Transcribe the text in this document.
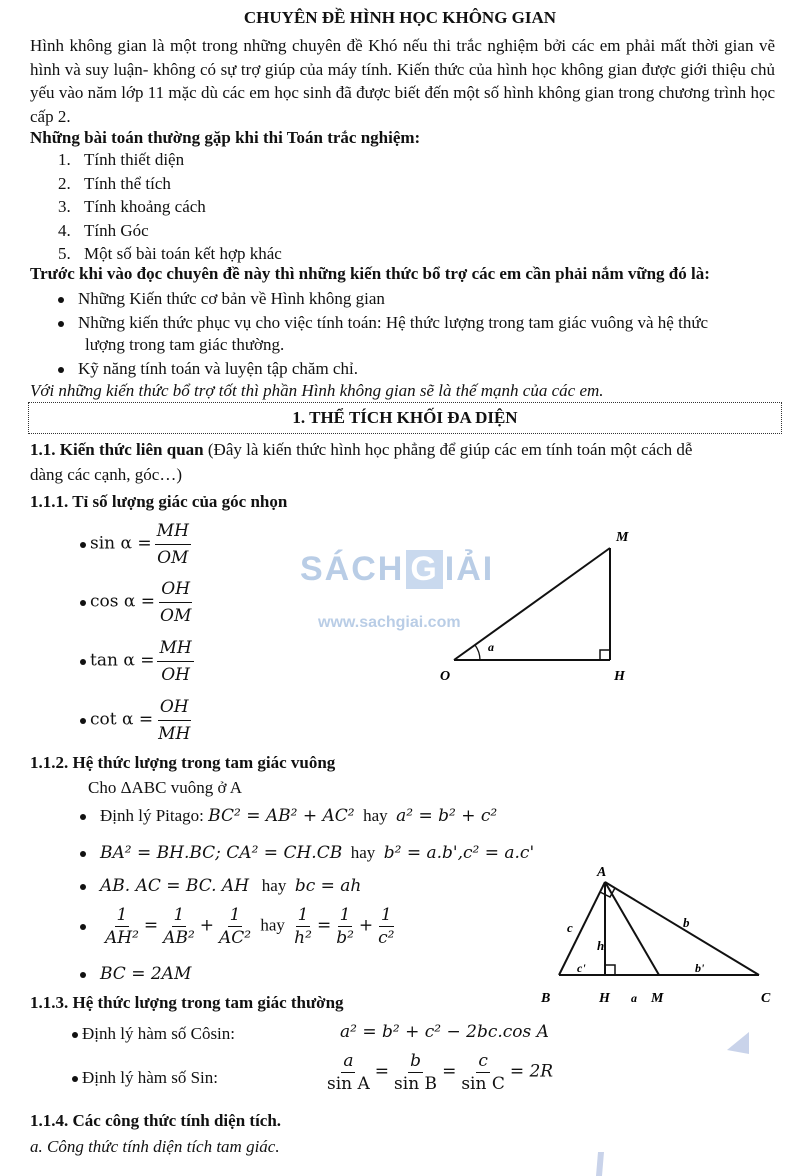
CHUYÊN ĐỀ HÌNH HỌC KHÔNG GIAN
Hình không gian là một trong những chuyên đề Khó nếu thi trắc nghiệm bởi các em phải mất thời gian vẽ hình và suy luận- không có sự trợ giúp của máy tính. Kiến thức của hình học không gian được giới thiệu chủ yếu vào năm lớp 11 mặc dù các em học sinh đã được biết đến một số hình không gian trong chương trình học cấp 2.
Những bài toán thường gặp khi thi Toán trắc nghiệm:
1. Tính thiết diện
2. Tính thể tích
3. Tính khoảng cách
4. Tính Góc
5. Một số bài toán kết hợp khác
Trước khi vào đọc chuyên đề này thì những kiến thức bổ trợ các em cần phải nắm vững đó là:
Những Kiến thức cơ bản về Hình không gian
Những kiến thức phục vụ cho việc tính toán: Hệ thức lượng trong tam giác vuông và hệ thức
lượng trong tam giác thường.
Kỹ năng tính toán và luyện tập chăm chỉ.
Với những kiến thức bổ trợ tốt thì phần Hình không gian sẽ là thế mạnh của các em.
1. THỂ TÍCH KHỐI ĐA DIỆN
1.1. Kiến thức liên quan (Đây là kiến thức hình học phẳng để giúp các em tính toán một cách dễ
dàng các cạnh, góc…)
1.1.1. Tỉ số lượng giác của góc nhọn
$\sin \alpha = \frac{MH}{OM}$
$\cos \alpha = \frac{OH}{OM}$
$\tan \alpha = \frac{MH}{OH}$
$\cot \alpha = \frac{OH}{MH}$
SÁCH G IẢI
www.sachgiai.com
M
O	H
a
1.1.2. Hệ thức lượng trong tam giác vuông
Cho ΔABC vuông ở A
Định lý Pitago: BC² = AB² + AC² hay a² = b² + c²
BA² = BH.BC; CA² = CH.CB hay b² = a.b',c² = a.c'
AB. AC = BC. AH hay bc = ah
$\frac{1}{\text{AH²}} = \frac{1}{\text{AB²}} + \frac{1}{\text{AC²}}$ hay $\frac{1}{\text{h²}} = \frac{1}{\text{b²}} + \frac{1}{\text{c²}}$
BC = 2AM
A
B	C
H	M
a
b
c
h
c'	b'
1.1.3. Hệ thức lượng trong tam giác thường
Định lý hàm số Côsin:	a² = b² + c² − 2bc.cos A
Định lý hàm số Sin:	$\frac{a}{\text{sin A}} = \frac{b}{\text{sin B}} = \frac{c}{\text{sin C}} = 2R$
1.1.4. Các công thức tính diện tích.
a. Công thức tính diện tích tam giác.
